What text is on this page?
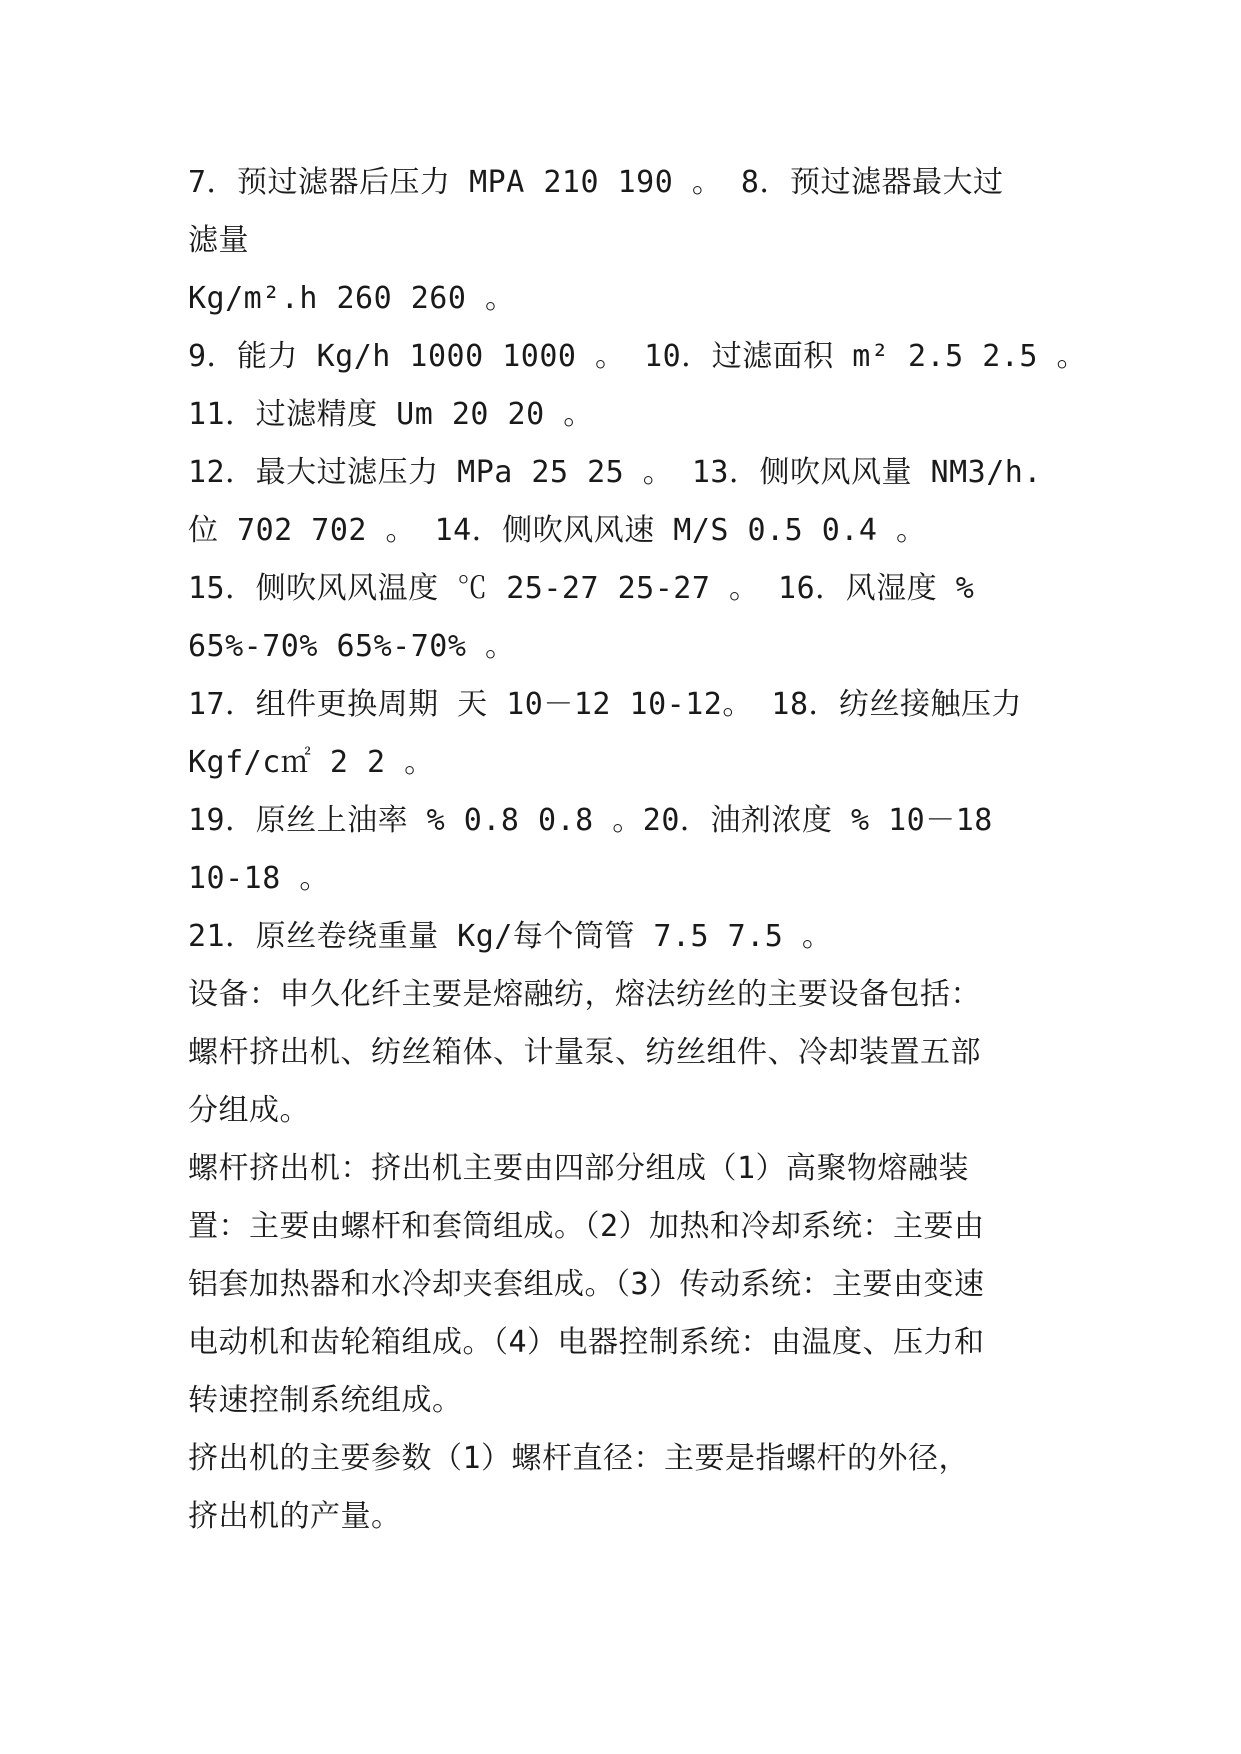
7．预过滤器后压力 MPA 210 190 。 8．预过滤器最大过
滤量
Kg/m².h 260 260 。
9．能力 Kg/h 1000 1000 。 10．过滤面积 m² 2.5 2.5 。
11．过滤精度 Um 20 20 。
12．最大过滤压力 MPa 25 25 。 13．侧吹风风量 NM3/h.
位 702 702 。 14．侧吹风风速 M/S 0.5 0.4 。
15．侧吹风风温度 ℃ 25-27 25-27 。 16．风湿度 %
65%-70% 65%-70% 。
17．组件更换周期 天 10－12 10-12。 18．纺丝接触压力
Kgf/c㎡ 2 2 。
19．原丝上油率 % 0.8 0.8 。20．油剂浓度 % 10－18
10-18 。
21．原丝卷绕重量 Kg/每个筒管 7.5 7.5 。
设备：申久化纤主要是熔融纺，熔法纺丝的主要设备包括：
螺杆挤出机、纺丝箱体、计量泵、纺丝组件、冷却装置五部
分组成。
螺杆挤出机：挤出机主要由四部分组成（1）高聚物熔融装
置：主要由螺杆和套筒组成。（2）加热和冷却系统：主要由
铝套加热器和水冷却夹套组成。（3）传动系统：主要由变速
电动机和齿轮箱组成。（4）电器控制系统：由温度、压力和
转速控制系统组成。
挤出机的主要参数（1）螺杆直径：主要是指螺杆的外径，
挤出机的产量。
